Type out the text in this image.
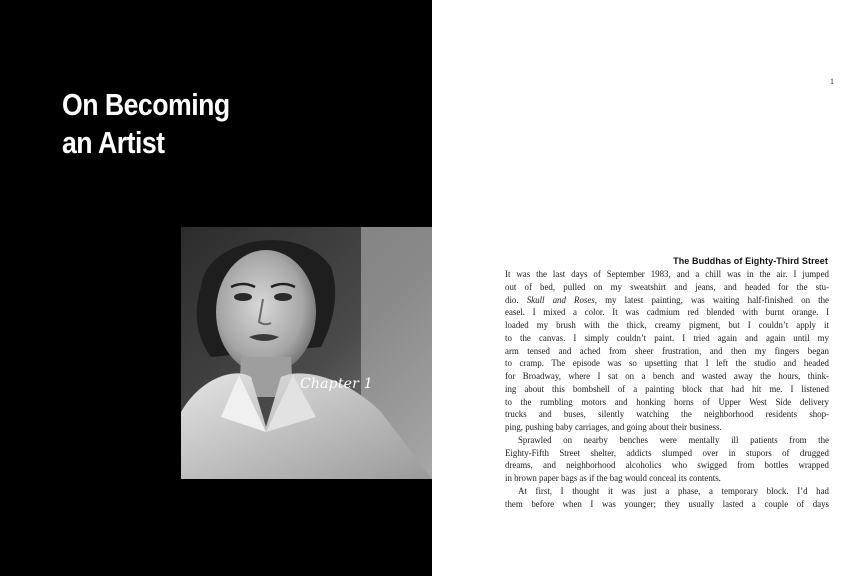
On Becoming
an Artist
Chapter 1
1
The Buddhas of Eighty-Third Street
It was the last days of September 1983, and a chill was in the air. I jumped
out of bed, pulled on my sweatshirt and jeans, and headed for the stu-
dio. Skull and Roses, my latest painting, was waiting half-finished on the
easel. I mixed a color. It was cadmium red blended with burnt orange. I
loaded my brush with the thick, creamy pigment, but I couldn’t apply it
to the canvas. I simply couldn’t paint. I tried again and again until my
arm tensed and ached from sheer frustration, and then my fingers began
to cramp. The episode was so upsetting that I left the studio and headed
for Broadway, where I sat on a bench and wasted away the hours, think-
ing about this bombshell of a painting block that had hit me. I listened
to the rumbling motors and honking horns of Upper West Side delivery
trucks and buses, silently watching the neighborhood residents shop-
ping, pushing baby carriages, and going about their business.
Sprawled on nearby benches were mentally ill patients from the
Eighty-Fifth Street shelter, addicts slumped over in stupors of drugged
dreams, and neighborhood alcoholics who swigged from bottles wrapped
in brown paper bags as if the bag would conceal its contents.
At first, I thought it was just a phase, a temporary block. I’d had
them before when I was younger; they usually lasted a couple of days
